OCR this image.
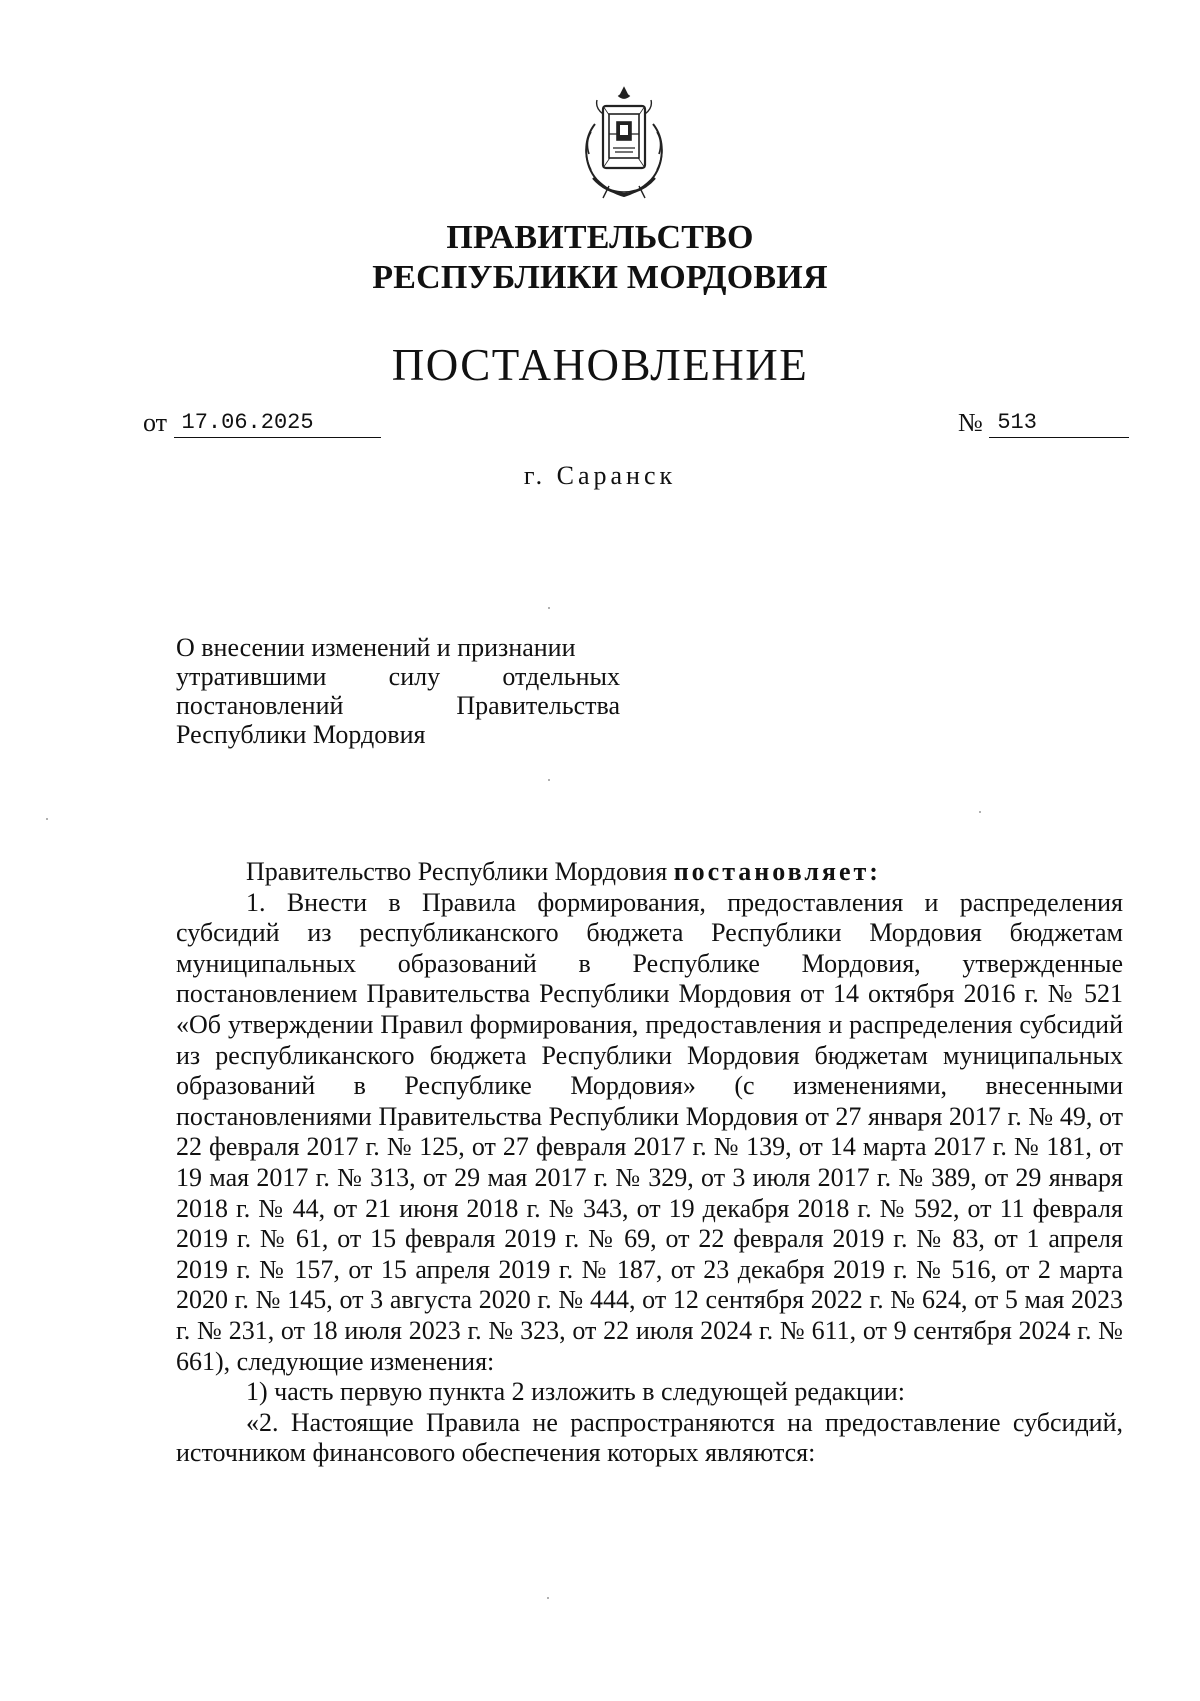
ПРАВИТЕЛЬСТВО
РЕСПУБЛИКИ МОРДОВИЯ
ПОСТАНОВЛЕНИЕ
от 17.06.2025	№ 513
г. Саранск
О внесении изменений и признании
утратившими силу отдельных
постановлений Правительства
Республики Мордовия

Правительство Республики Мордовия постановляет:

1. Внести в Правила формирования, предоставления и распределения субсидий из республиканского бюджета Республики Мордовия бюджетам муниципальных образований в Республике Мордовия, утвержденные постановлением Правительства Республики Мордовия от 14 октября 2016 г. № 521 «Об утверждении Правил формирования, предоставления и распределения субсидий из республиканского бюджета Республики Мордовия бюджетам муниципальных образований в Республике Мордовия» (с изменениями, внесенными постановлениями Правительства Республики Мордовия от 27 января 2017 г. № 49, от 22 февраля 2017 г. № 125, от 27 февраля 2017 г. № 139, от 14 марта 2017 г. № 181, от 19 мая 2017 г. № 313, от 29 мая 2017 г. № 329, от 3 июля 2017 г. № 389, от 29 января 2018 г. № 44, от 21 июня 2018 г. № 343, от 19 декабря 2018 г. № 592, от 11 февраля 2019 г. № 61, от 15 февраля 2019 г. № 69, от 22 февраля 2019 г. № 83, от 1 апреля 2019 г. № 157, от 15 апреля 2019 г. № 187, от 23 декабря 2019 г. № 516, от 2 марта 2020 г. № 145, от 3 августа 2020 г. № 444, от 12 сентября 2022 г. № 624, от 5 мая 2023 г. № 231, от 18 июля 2023 г. № 323, от 22 июля 2024 г. № 611, от 9 сентября 2024 г. № 661), следующие изменения:

1) часть первую пункта 2 изложить в следующей редакции:

«2. Настоящие Правила не распространяются на предоставление субсидий, источником финансового обеспечения которых являются:
